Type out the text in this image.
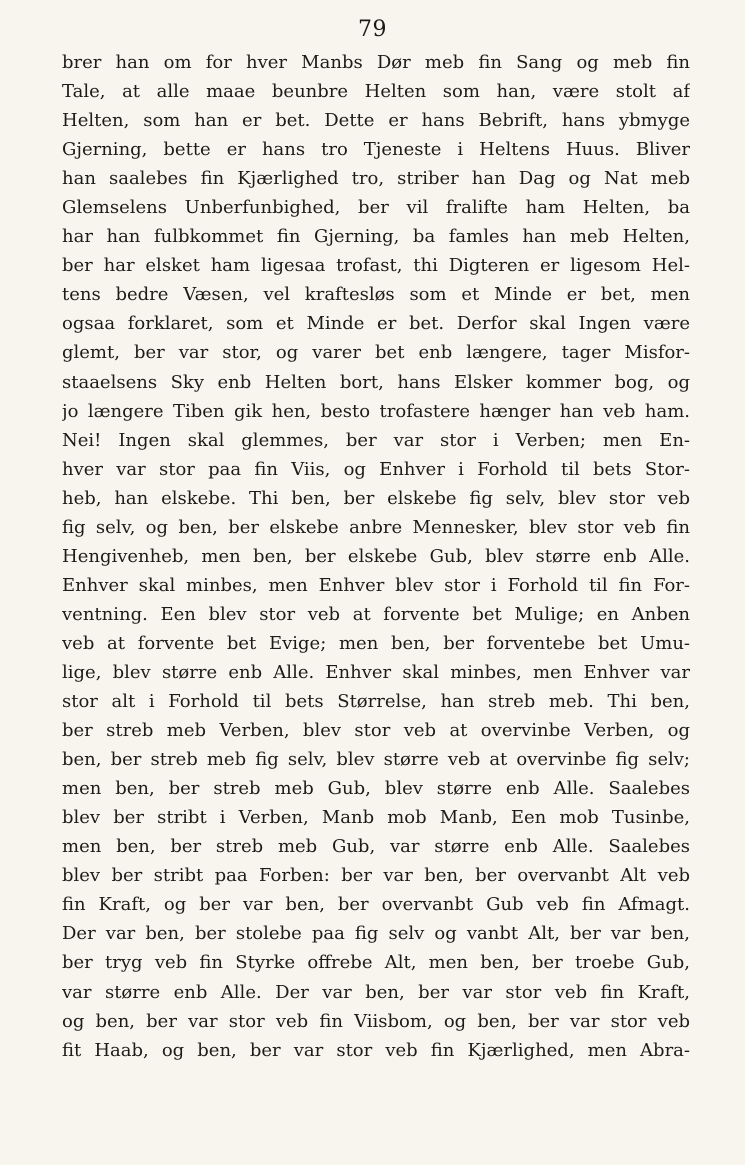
79
brer han om for hver Manbs Dør meb fin Sang og meb fin
Tale, at alle maae beunbre Helten som han, være stolt af
Helten, som han er bet. Dette er hans Bebrift, hans ybmyge
Gjerning, bette er hans tro Tjeneste i Heltens Huus. Bliver
han saalebes fin Kjærlighed tro, striber han Dag og Nat meb
Glemselens Unberfunbighed, ber vil fralifte ham Helten, ba
har han fulbkommet fin Gjerning, ba famles han meb Helten,
ber har elsket ham ligesaa trofast, thi Digteren er ligesom Hel-
tens bedre Væsen, vel kraftesløs som et Minde er bet, men
ogsaa forklaret, som et Minde er bet. Derfor skal Ingen være
glemt, ber var stor, og varer bet enb længere, tager Misfor-
staaelsens Sky enb Helten bort, hans Elsker kommer bog, og
jo længere Tiben gik hen, besto trofastere hænger han veb ham.
Nei! Ingen skal glemmes, ber var stor i Verben; men En-
hver var stor paa fin Viis, og Enhver i Forhold til bets Stor-
heb, han elskebe. Thi ben, ber elskebe fig selv, blev stor veb
fig selv, og ben, ber elskebe anbre Mennesker, blev stor veb fin
Hengivenheb, men ben, ber elskebe Gub, blev større enb Alle.
Enhver skal minbes, men Enhver blev stor i Forhold til fin For-
ventning. Een blev stor veb at forvente bet Mulige; en Anben
veb at forvente bet Evige; men ben, ber forventebe bet Umu-
lige, blev større enb Alle. Enhver skal minbes, men Enhver var
stor alt i Forhold til bets Størrelse, han streb meb. Thi ben,
ber streb meb Verben, blev stor veb at overvinbe Verben, og
ben, ber streb meb fig selv, blev større veb at overvinbe fig selv;
men ben, ber streb meb Gub, blev større enb Alle. Saalebes
blev ber stribt i Verben, Manb mob Manb, Een mob Tusinbe,
men ben, ber streb meb Gub, var større enb Alle. Saalebes
blev ber stribt paa Forben: ber var ben, ber overvanbt Alt veb
fin Kraft, og ber var ben, ber overvanbt Gub veb fin Afmagt.
Der var ben, ber stolebe paa fig selv og vanbt Alt, ber var ben,
ber tryg veb fin Styrke offrebe Alt, men ben, ber troebe Gub,
var større enb Alle. Der var ben, ber var stor veb fin Kraft,
og ben, ber var stor veb fin Viisbom, og ben, ber var stor veb
fit Haab, og ben, ber var stor veb fin Kjærlighed, men Abra-
